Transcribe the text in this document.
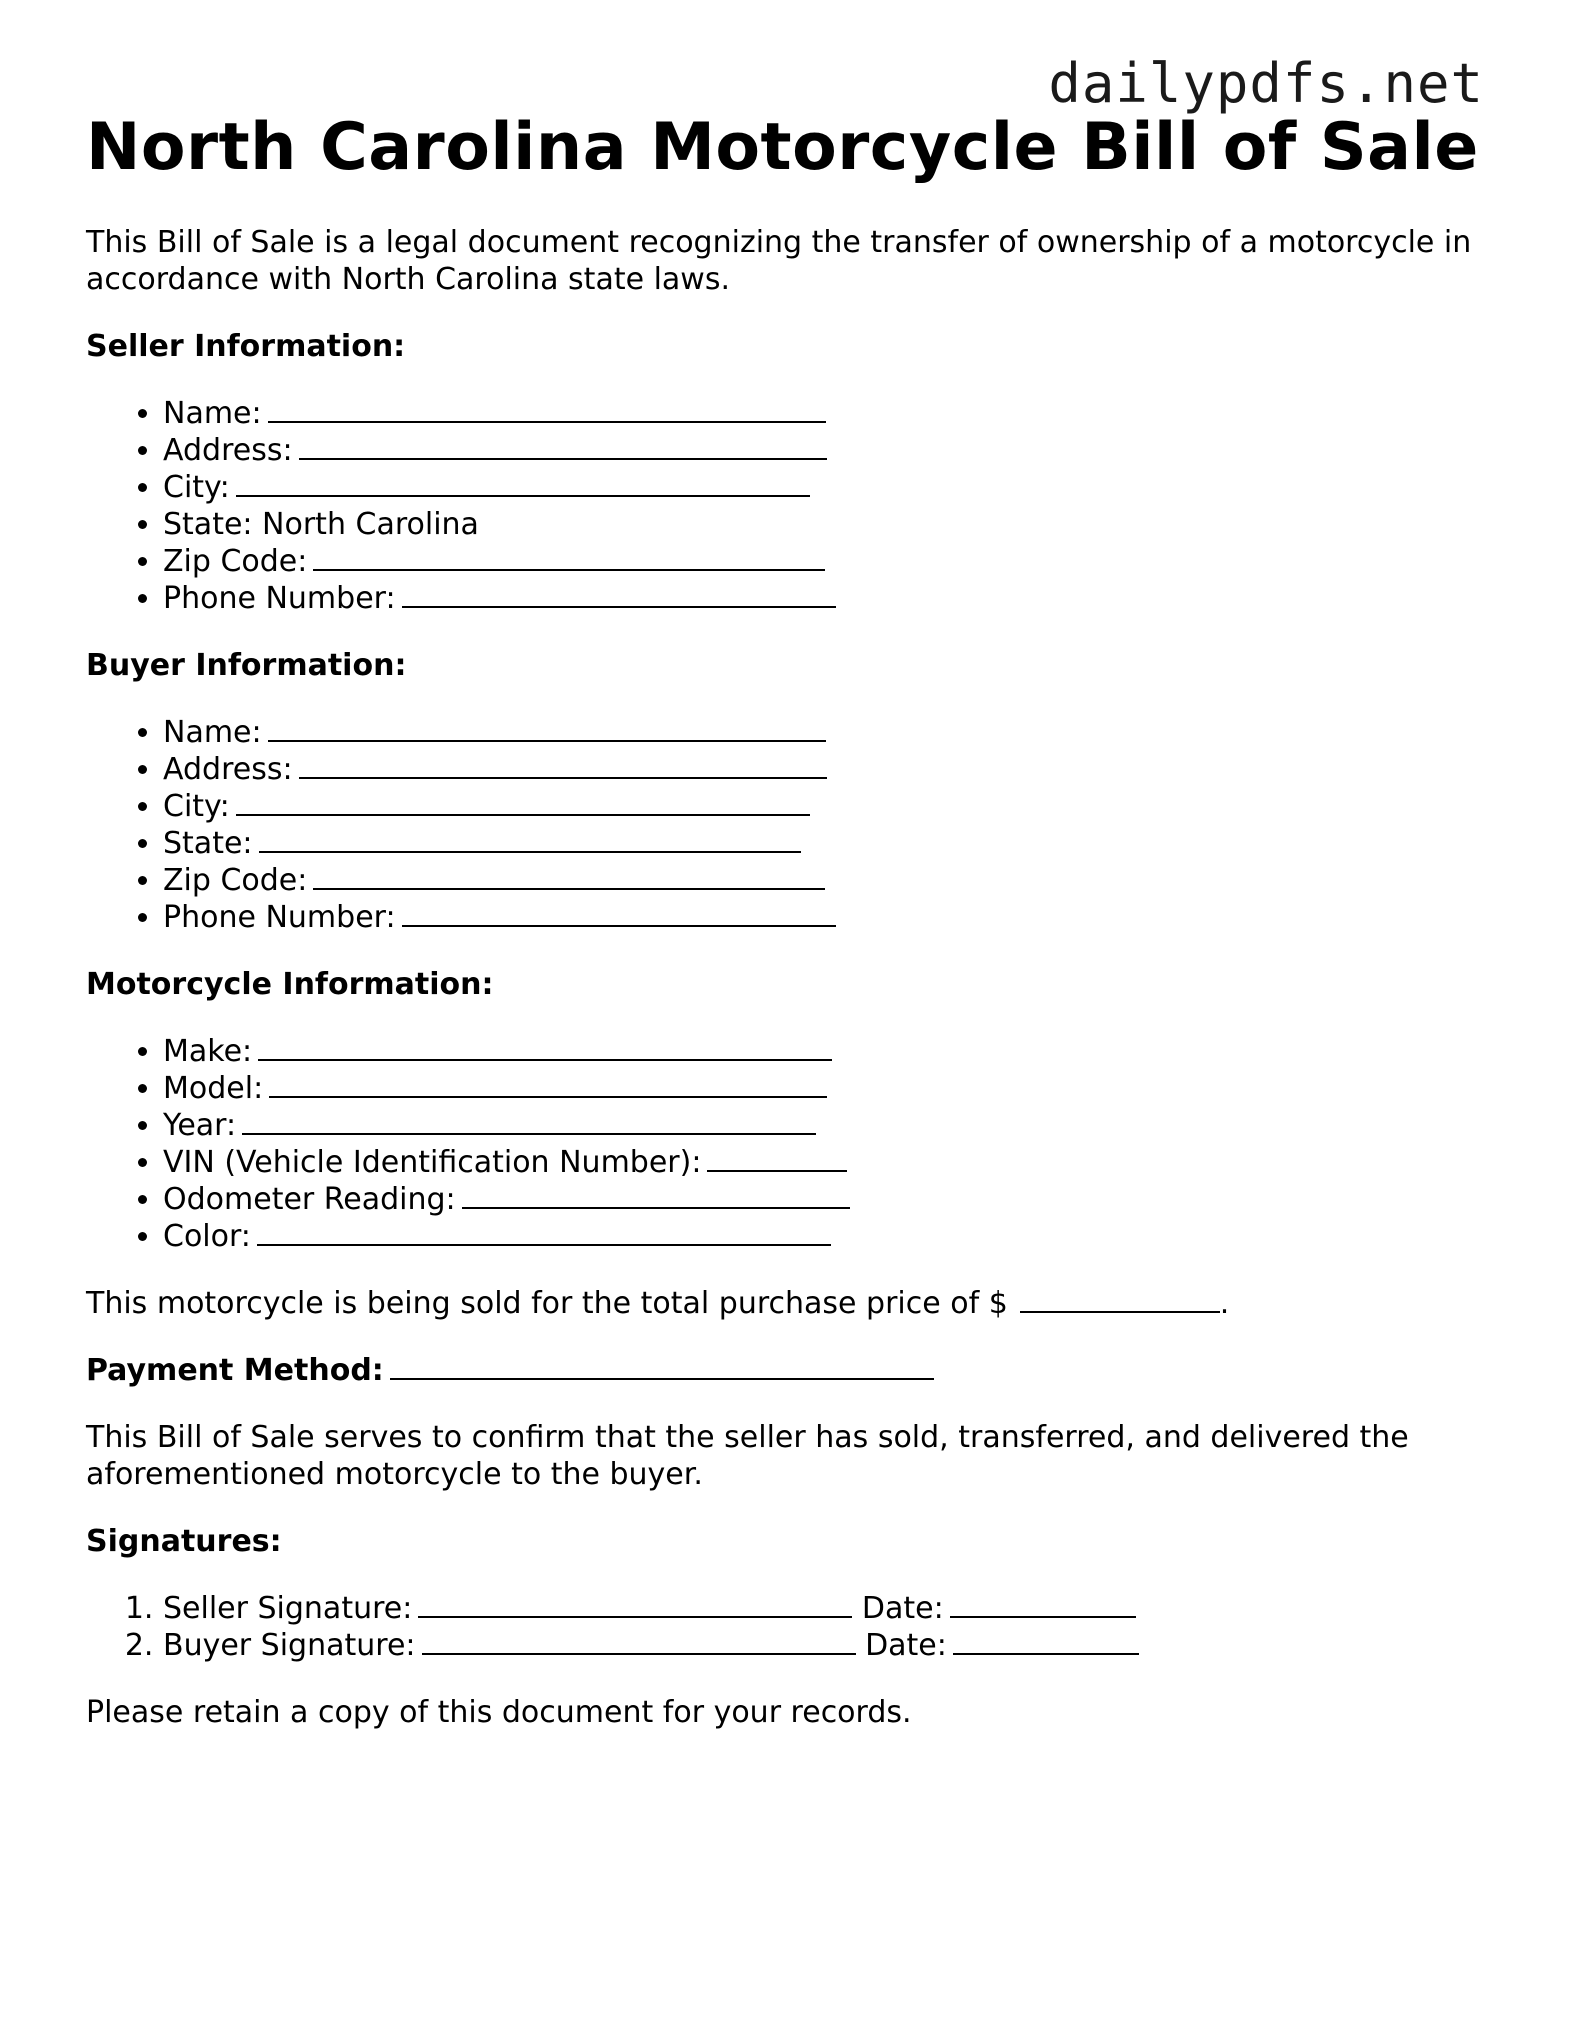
dailypdfs.net
North Carolina Motorcycle Bill of Sale

This Bill of Sale is a legal document recognizing the transfer of ownership of a motorcycle in accordance with North Carolina state laws.

Seller Information:
• Name:
• Address:
• City:
• State: North Carolina
• Zip Code:
• Phone Number:
Buyer Information:
• Name:
• Address:
• City:
• State:
• Zip Code:
• Phone Number:
Motorcycle Information:
• Make:
• Model:
• Year:
• VIN (Vehicle Identification Number):
• Odometer Reading:
• Color:

This motorcycle is being sold for the total purchase price of $	.

Payment Method:

This Bill of Sale serves to confirm that the seller has sold, transferred, and delivered the aforementioned motorcycle to the buyer.

Signatures:
1. Seller Signature:	Date:
2. Buyer Signature:	Date:

Please retain a copy of this document for your records.
